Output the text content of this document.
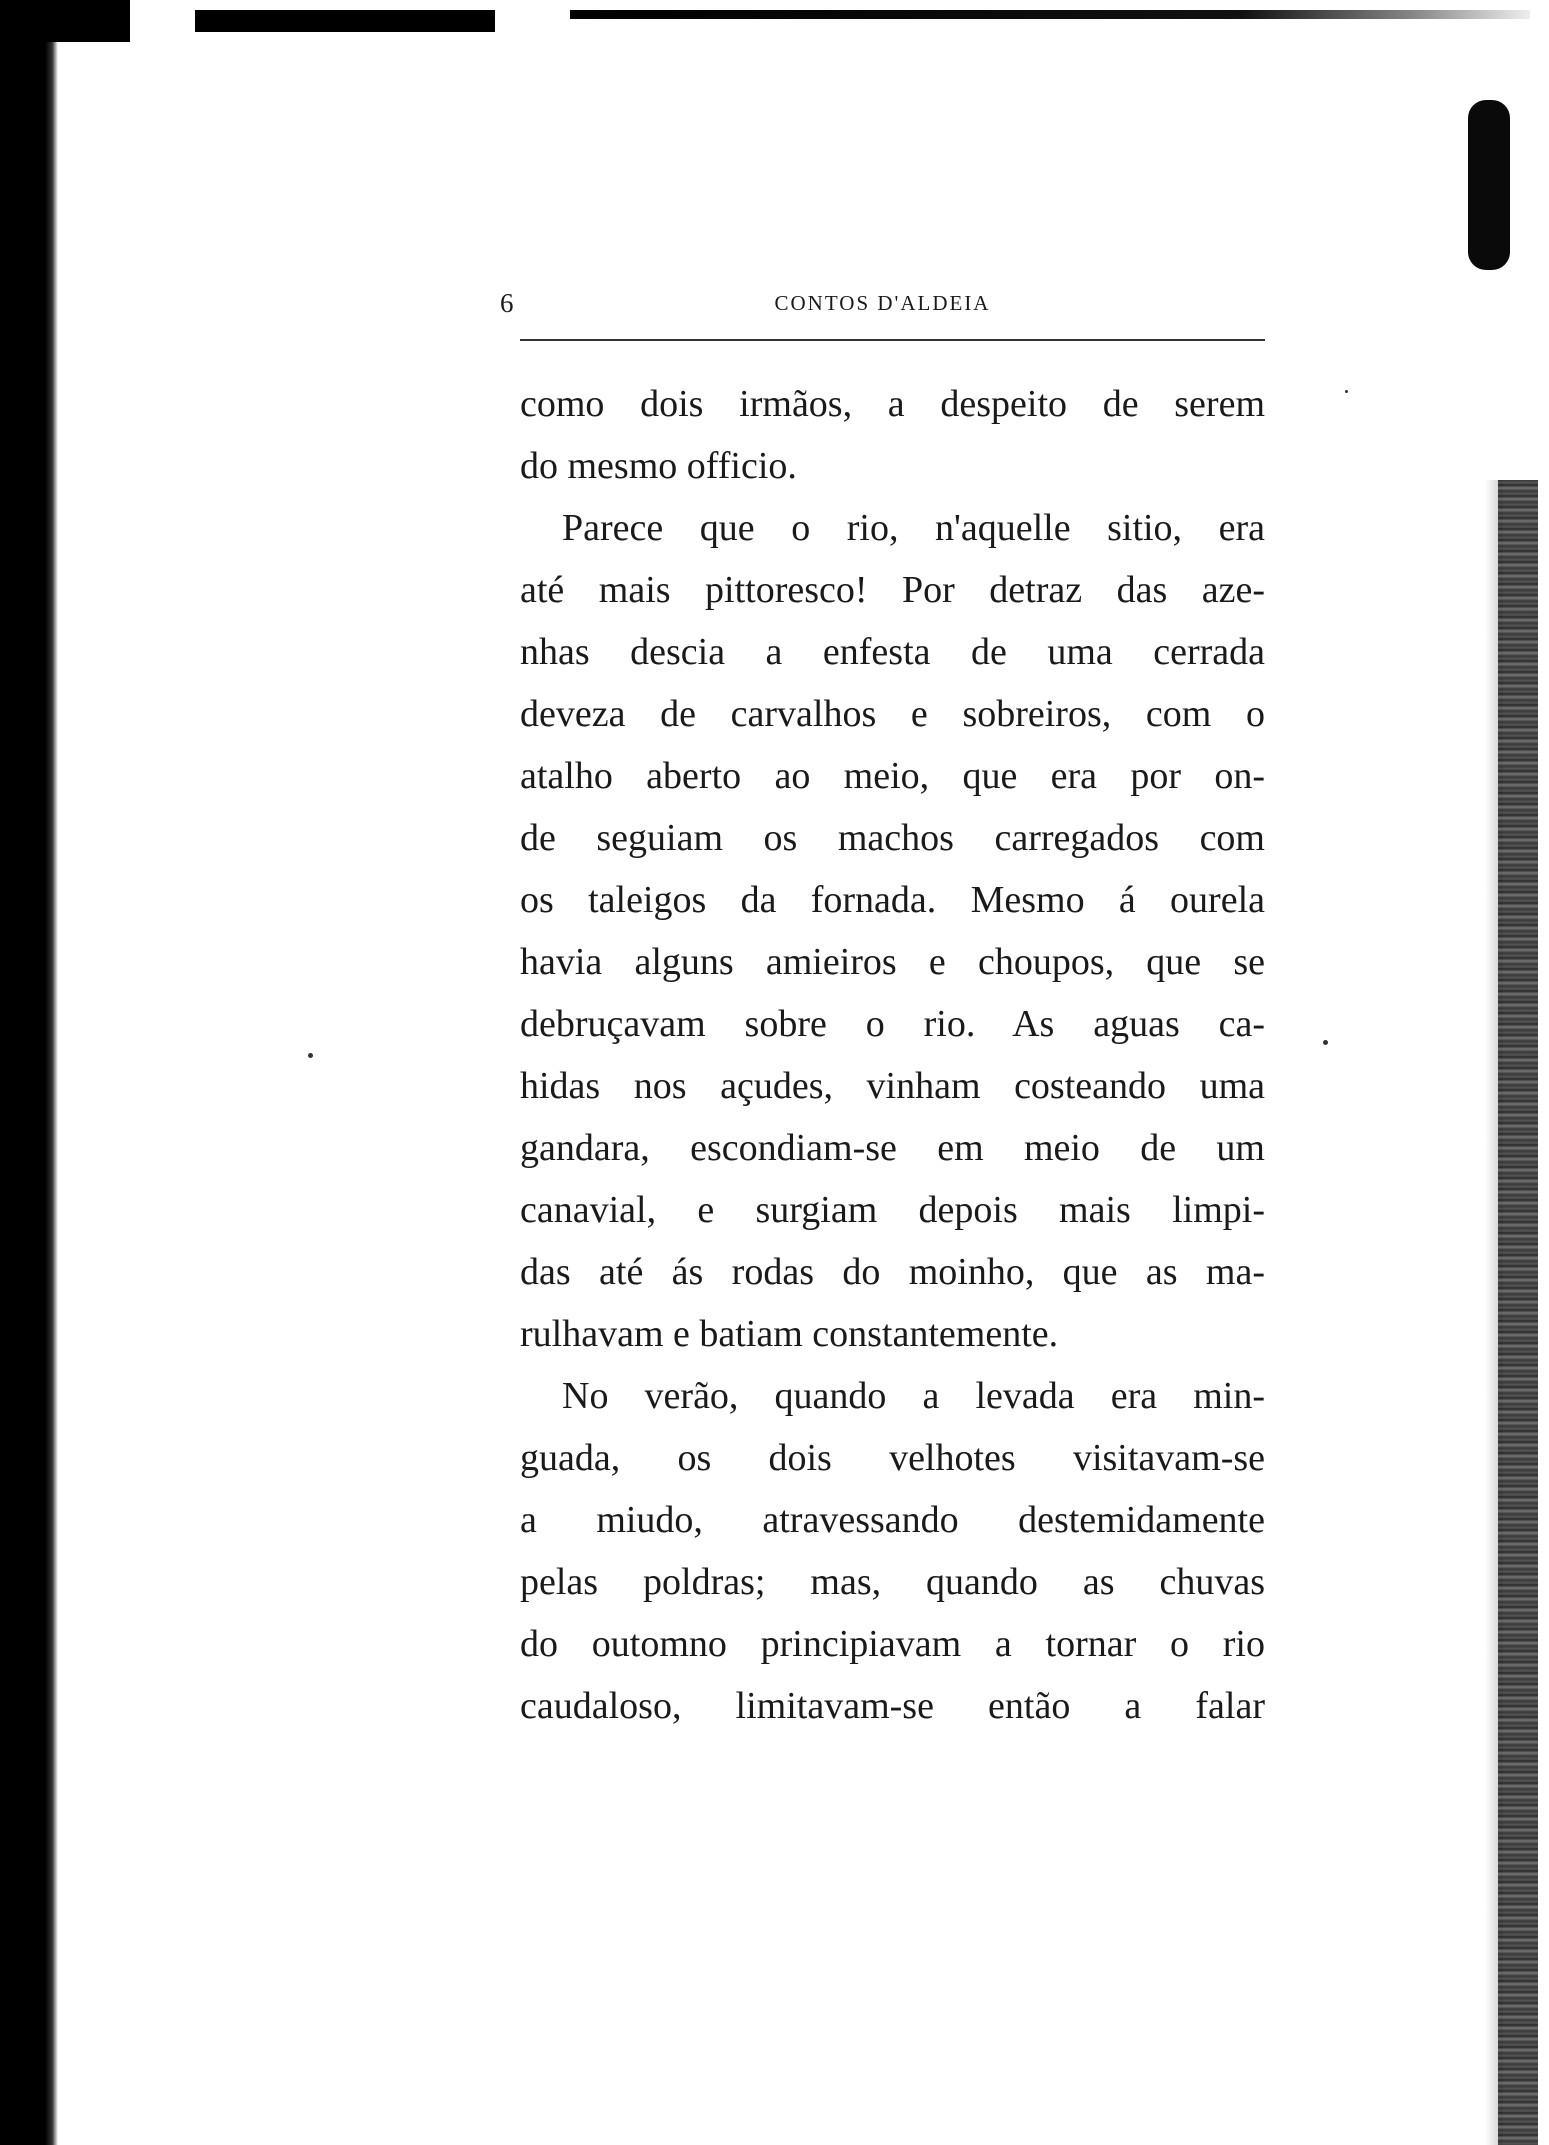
6	CONTOS D'ALDEIA
como dois irmãos, a despeito de serem
do mesmo officio.
Parece que o rio, n'aquelle sitio, era
até mais pittoresco! Por detraz das aze-
nhas descia a enfesta de uma cerrada
deveza de carvalhos e sobreiros, com o
atalho aberto ao meio, que era por on-
de seguiam os machos carregados com
os taleigos da fornada. Mesmo á ourela
havia alguns amieiros e choupos, que se
debruçavam sobre o rio. As aguas ca-
hidas nos açudes, vinham costeando uma
gandara, escondiam-se em meio de um
canavial, e surgiam depois mais limpi-
das até ás rodas do moinho, que as ma-
rulhavam e batiam constantemente.
No verão, quando a levada era min-
guada, os dois velhotes visitavam-se
a miudo, atravessando destemidamente
pelas poldras; mas, quando as chuvas
do outomno principiavam a tornar o rio
caudaloso, limitavam-se então a falar
